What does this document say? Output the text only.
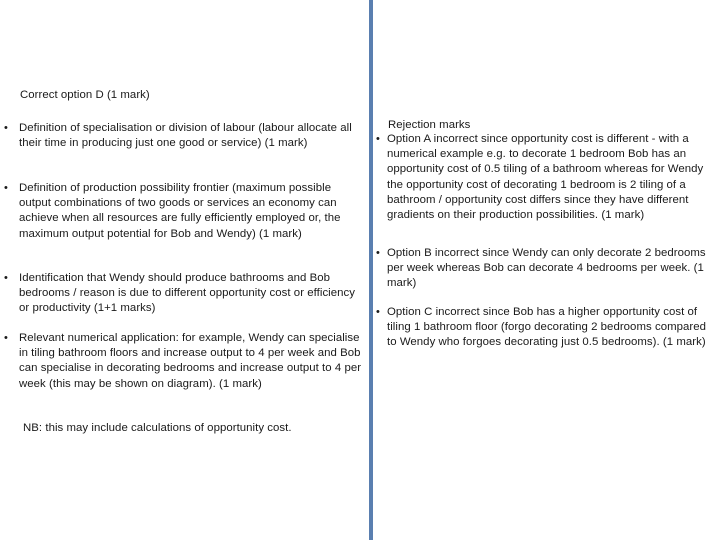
Correct option D (1 mark)
• Definition of specialisation or division of labour (labour allocate all their time in producing just one good or service) (1 mark)
• Definition of production possibility frontier (maximum possible output combinations of two goods or services an economy can achieve when all resources are fully efficiently employed or, the maximum output potential for Bob and Wendy) (1 mark)
• Identification that Wendy should produce bathrooms and Bob bedrooms / reason is due to different opportunity cost or efficiency or productivity (1+1 marks)
• Relevant numerical application: for example, Wendy can specialise in tiling bathroom floors and increase output to 4 per week and Bob can specialise in decorating bedrooms and increase output to 4 per week (this may be shown on diagram). (1 mark)
NB: this may include calculations of opportunity cost.
Rejection marks
• Option A incorrect since opportunity cost is different - with a numerical example e.g. to decorate 1 bedroom Bob has an opportunity cost of 0.5 tiling of a bathroom whereas for Wendy the opportunity cost of decorating 1 bedroom is 2 tiling of a bathroom / opportunity cost differs since they have different gradients on their production possibilities. (1 mark)
• Option B incorrect since Wendy can only decorate 2 bedrooms per week whereas Bob can decorate 4 bedrooms per week. (1 mark)
• Option C incorrect since Bob has a higher opportunity cost of tiling 1 bathroom floor (forgo decorating 2 bedrooms compared to Wendy who forgoes decorating just 0.5 bedrooms). (1 mark)
